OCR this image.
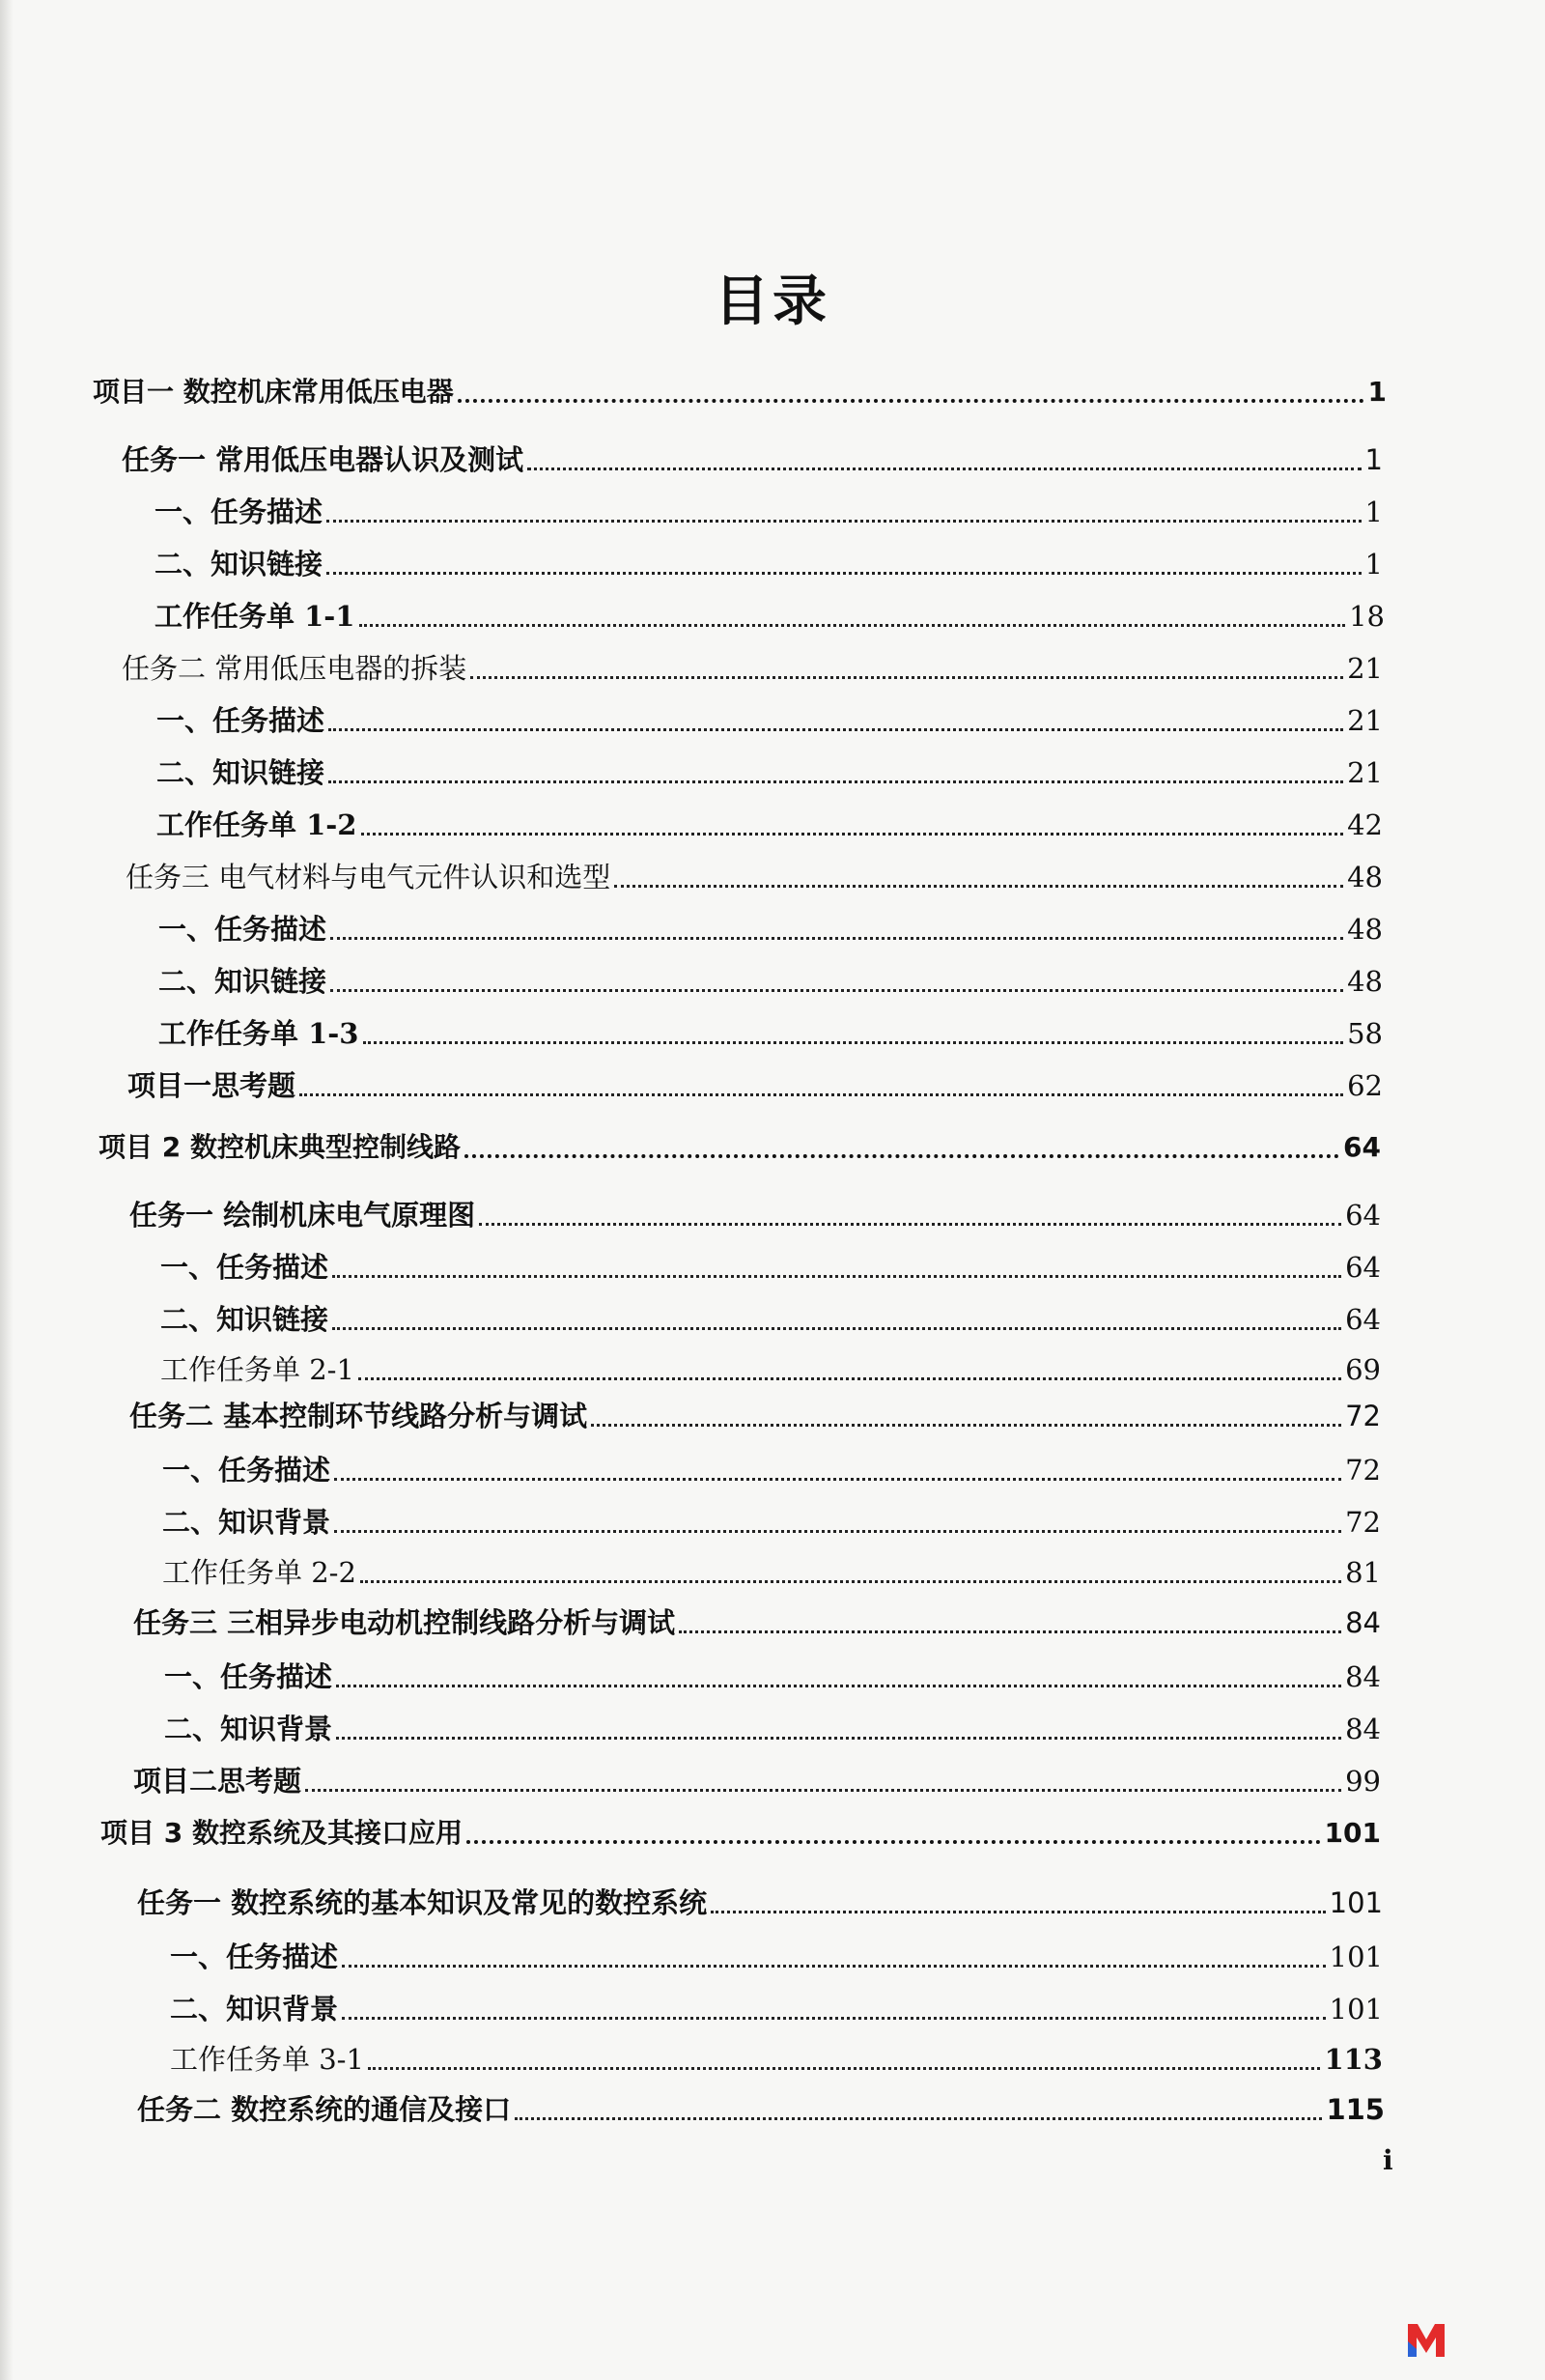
目录
项目一 数控机床常用低压电器	1
任务一 常用低压电器认识及测试	1
一、任务描述	1
二、知识链接	1
工作任务单 1-1	18
任务二 常用低压电器的拆装	21
一、任务描述	21
二、知识链接	21
工作任务单 1-2	42
任务三 电气材料与电气元件认识和选型	48
一、任务描述	48
二、知识链接	48
工作任务单 1-3	58
项目一思考题	62
项目 2 数控机床典型控制线路	64
任务一 绘制机床电气原理图	64
一、任务描述	64
二、知识链接	64
工作任务单 2-1	69
任务二 基本控制环节线路分析与调试	72
一、任务描述	72
二、知识背景	72
工作任务单 2-2	81
任务三 三相异步电动机控制线路分析与调试	84
一、任务描述	84
二、知识背景	84
项目二思考题	99
项目 3 数控系统及其接口应用	101
任务一 数控系统的基本知识及常见的数控系统	101
一、任务描述	101
二、知识背景	101
工作任务单 3-1	113
任务二 数控系统的通信及接口	115
i
